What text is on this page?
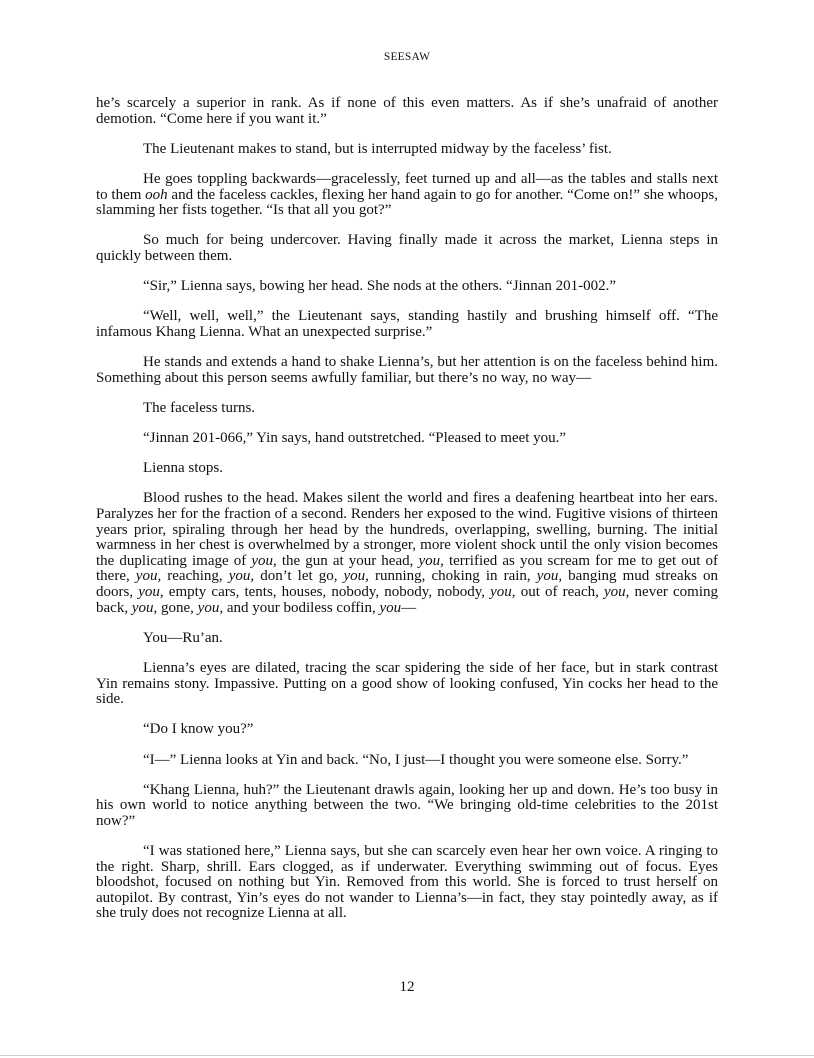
SEESAW

he’s scarcely a superior in rank. As if none of this even matters. As if she’s unafraid of another demotion. “Come here if you want it.”

The Lieutenant makes to stand, but is interrupted midway by the faceless’ fist.

He goes toppling backwards—gracelessly, feet turned up and all—as the tables and stalls next to them ooh and the faceless cackles, flexing her hand again to go for another. “Come on!” she whoops, slamming her fists together. “Is that all you got?”

So much for being undercover. Having finally made it across the market, Lienna steps in quickly between them.

“Sir,” Lienna says, bowing her head. She nods at the others. “Jinnan 201-002.”

“Well, well, well,” the Lieutenant says, standing hastily and brushing himself off. “The infamous Khang Lienna. What an unexpected surprise.”

He stands and extends a hand to shake Lienna’s, but her attention is on the faceless behind him. Something about this person seems awfully familiar, but there’s no way, no way—

The faceless turns.

“Jinnan 201-066,” Yin says, hand outstretched. “Pleased to meet you.”

Lienna stops.

Blood rushes to the head. Makes silent the world and fires a deafening heartbeat into her ears. Paralyzes her for the fraction of a second. Renders her exposed to the wind. Fugitive visions of thirteen years prior, spiraling through her head by the hundreds, overlapping, swelling, burning. The initial warmness in her chest is overwhelmed by a stronger, more violent shock until the only vision becomes the duplicating image of you, the gun at your head, you, terrified as you scream for me to get out of there, you, reaching, you, don’t let go, you, running, choking in rain, you, banging mud streaks on doors, you, empty cars, tents, houses, nobody, nobody, nobody, you, out of reach, you, never coming back, you, gone, you, and your bodiless coffin, you—

You—Ru’an.

Lienna’s eyes are dilated, tracing the scar spidering the side of her face, but in stark contrast Yin remains stony. Impassive. Putting on a good show of looking confused, Yin cocks her head to the side.

“Do I know you?”

“I—” Lienna looks at Yin and back. “No, I just—I thought you were someone else. Sorry.”

“Khang Lienna, huh?” the Lieutenant drawls again, looking her up and down. He’s too busy in his own world to notice anything between the two. “We bringing old-time celebrities to the 201st now?”

“I was stationed here,” Lienna says, but she can scarcely even hear her own voice. A ringing to the right. Sharp, shrill. Ears clogged, as if underwater. Everything swimming out of focus. Eyes bloodshot, focused on nothing but Yin. Removed from this world. She is forced to trust herself on autopilot. By contrast, Yin’s eyes do not wander to Lienna’s—in fact, they stay pointedly away, as if she truly does not recognize Lienna at all.

12
